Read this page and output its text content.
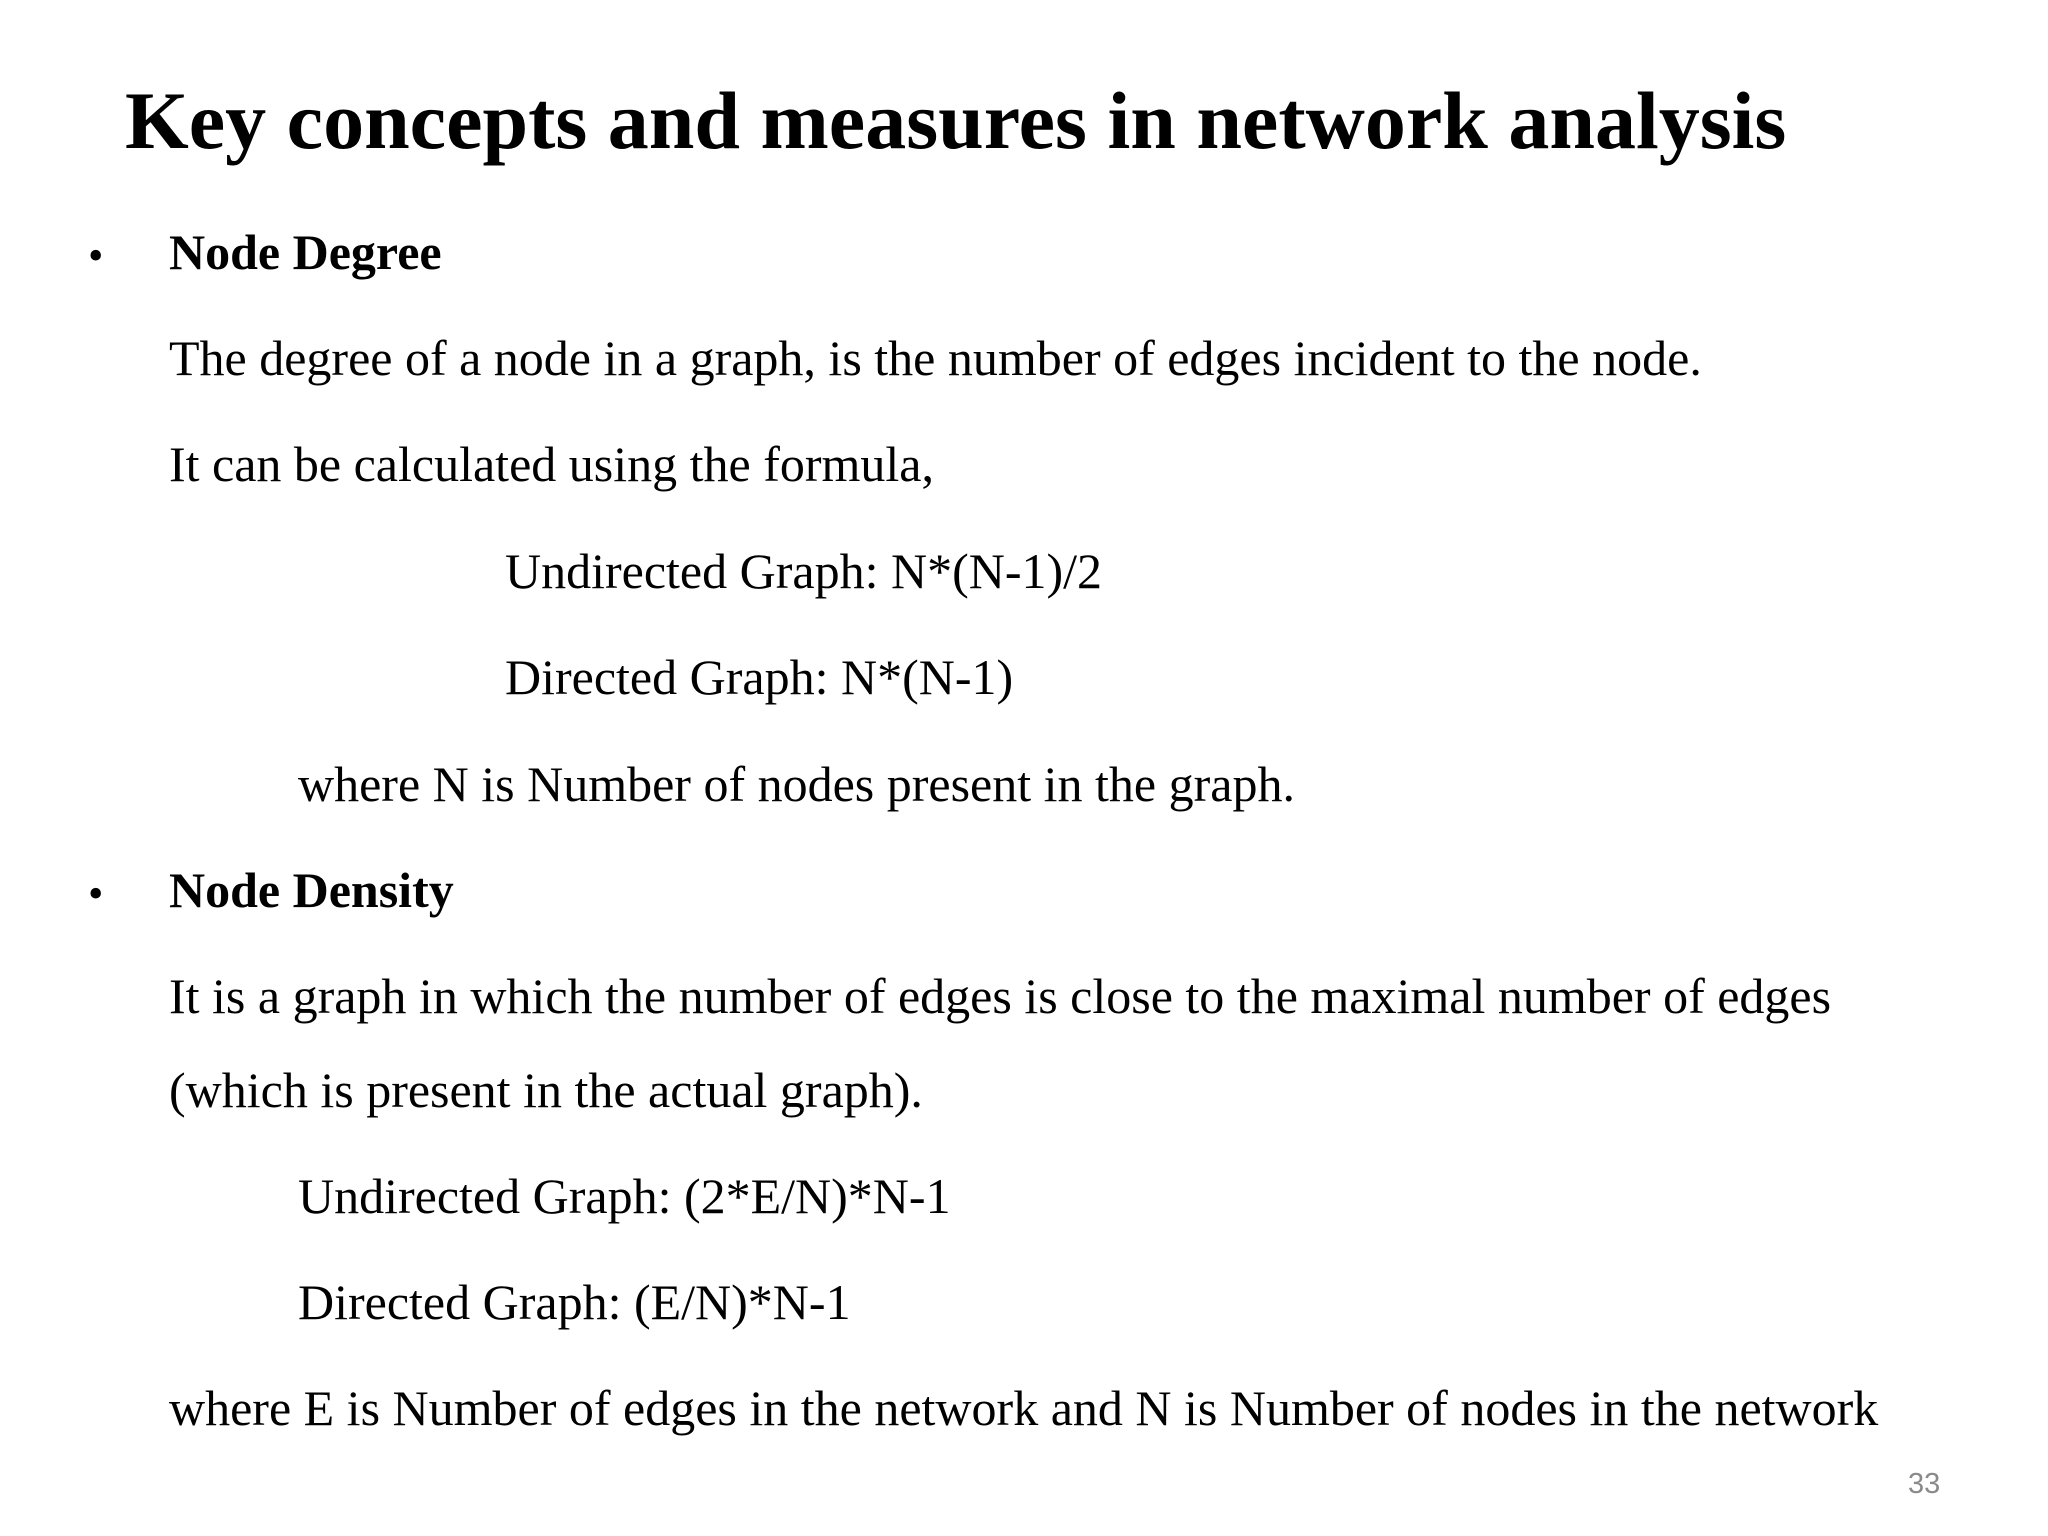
Key concepts and measures in network analysis
• Node Degree
The degree of a node in a graph, is the number of edges incident to the node.
It can be calculated using the formula,
Undirected Graph: N*(N-1)/2
Directed Graph: N*(N-1)
where N is Number of nodes present in the graph.
• Node Density
It is a graph in which the number of edges is close to the maximal number of edges
(which is present in the actual graph).
Undirected Graph: (2*E/N)*N-1
Directed Graph: (E/N)*N-1
where E is Number of edges in the network and N is Number of nodes in the network
33
